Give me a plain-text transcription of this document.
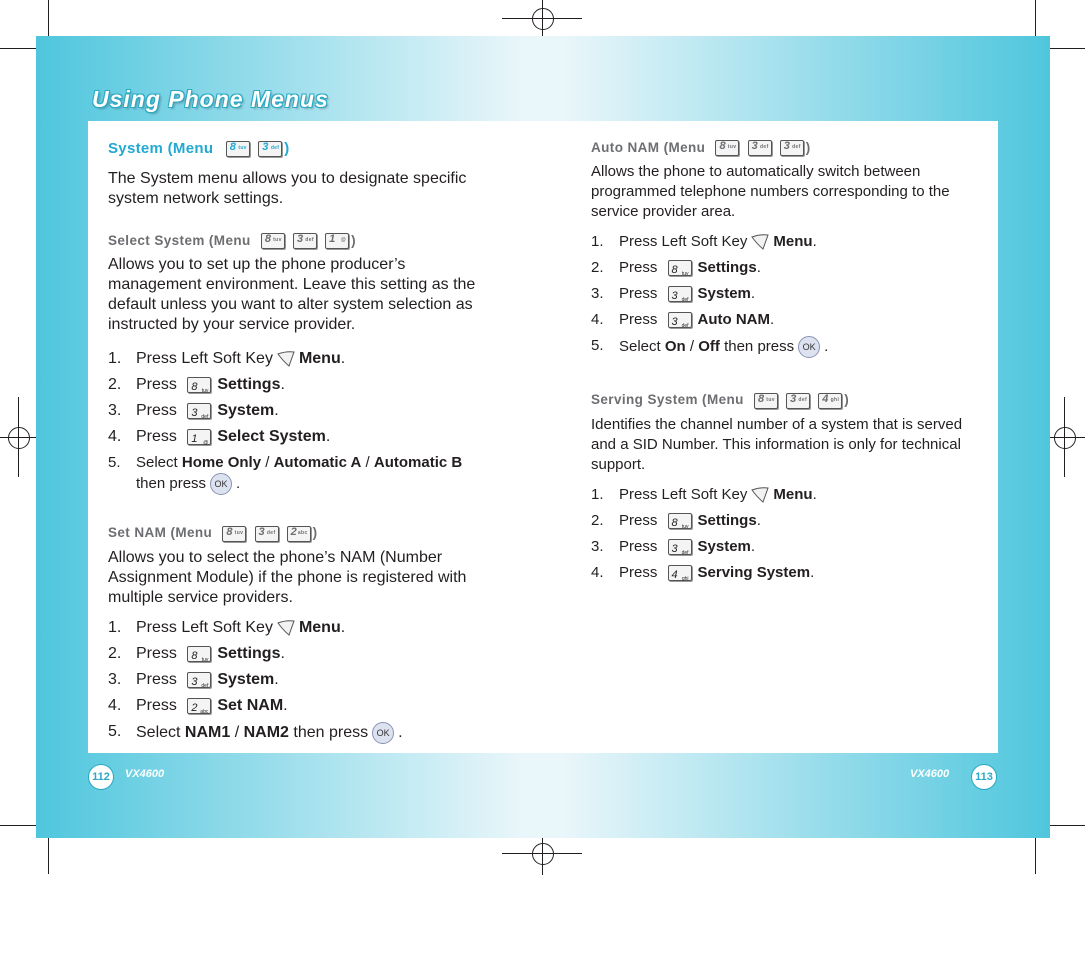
Using Phone Menus

System (Menu 8 tuv
3 def )

The System menu allows you to designate specific system network settings.

Select System (Menu 8 tuv
3 def
1 @ )

Allows you to set up the phone producer’s management environment. Leave this setting as the default unless you want to alter system selection as instructed by your service provider.

1. Press Left Soft Key Menu.

2. Press 8 tuv Settings.

3. Press 3 def System.

4. Press 1 @ Select System.

5. Select Home Only / Automatic A / Automatic B
then press OK .

Set NAM (Menu 8 tuv
3 def
2 abc )

Allows you to select the phone’s NAM (Number Assignment Module) if the phone is registered with multiple service providers.

1. Press Left Soft Key Menu.

2. Press 8 tuv Settings.

3. Press 3 def System.

4. Press 2 abc Set NAM.

5. Select NAM1 / NAM2 then press OK .

Auto NAM (Menu 8 tuv
3 def
3 def )

Allows the phone to automatically switch between programmed telephone numbers corresponding to the service provider area.

1. Press Left Soft Key Menu.

2. Press 8 tuv Settings.

3. Press 3 def System.

4. Press 3 def Auto NAM.

5. Select On / Off then press OK .

Serving System (Menu 8 tuv
3 def
4 ghi )

Identifies the channel number of a system that is served and a SID Number. This information is only for technical support.

1. Press Left Soft Key Menu.

2. Press 8 tuv Settings.

3. Press 3 def System.

4. Press 4 ghi Serving System.

112	VX4600	VX4600	113
